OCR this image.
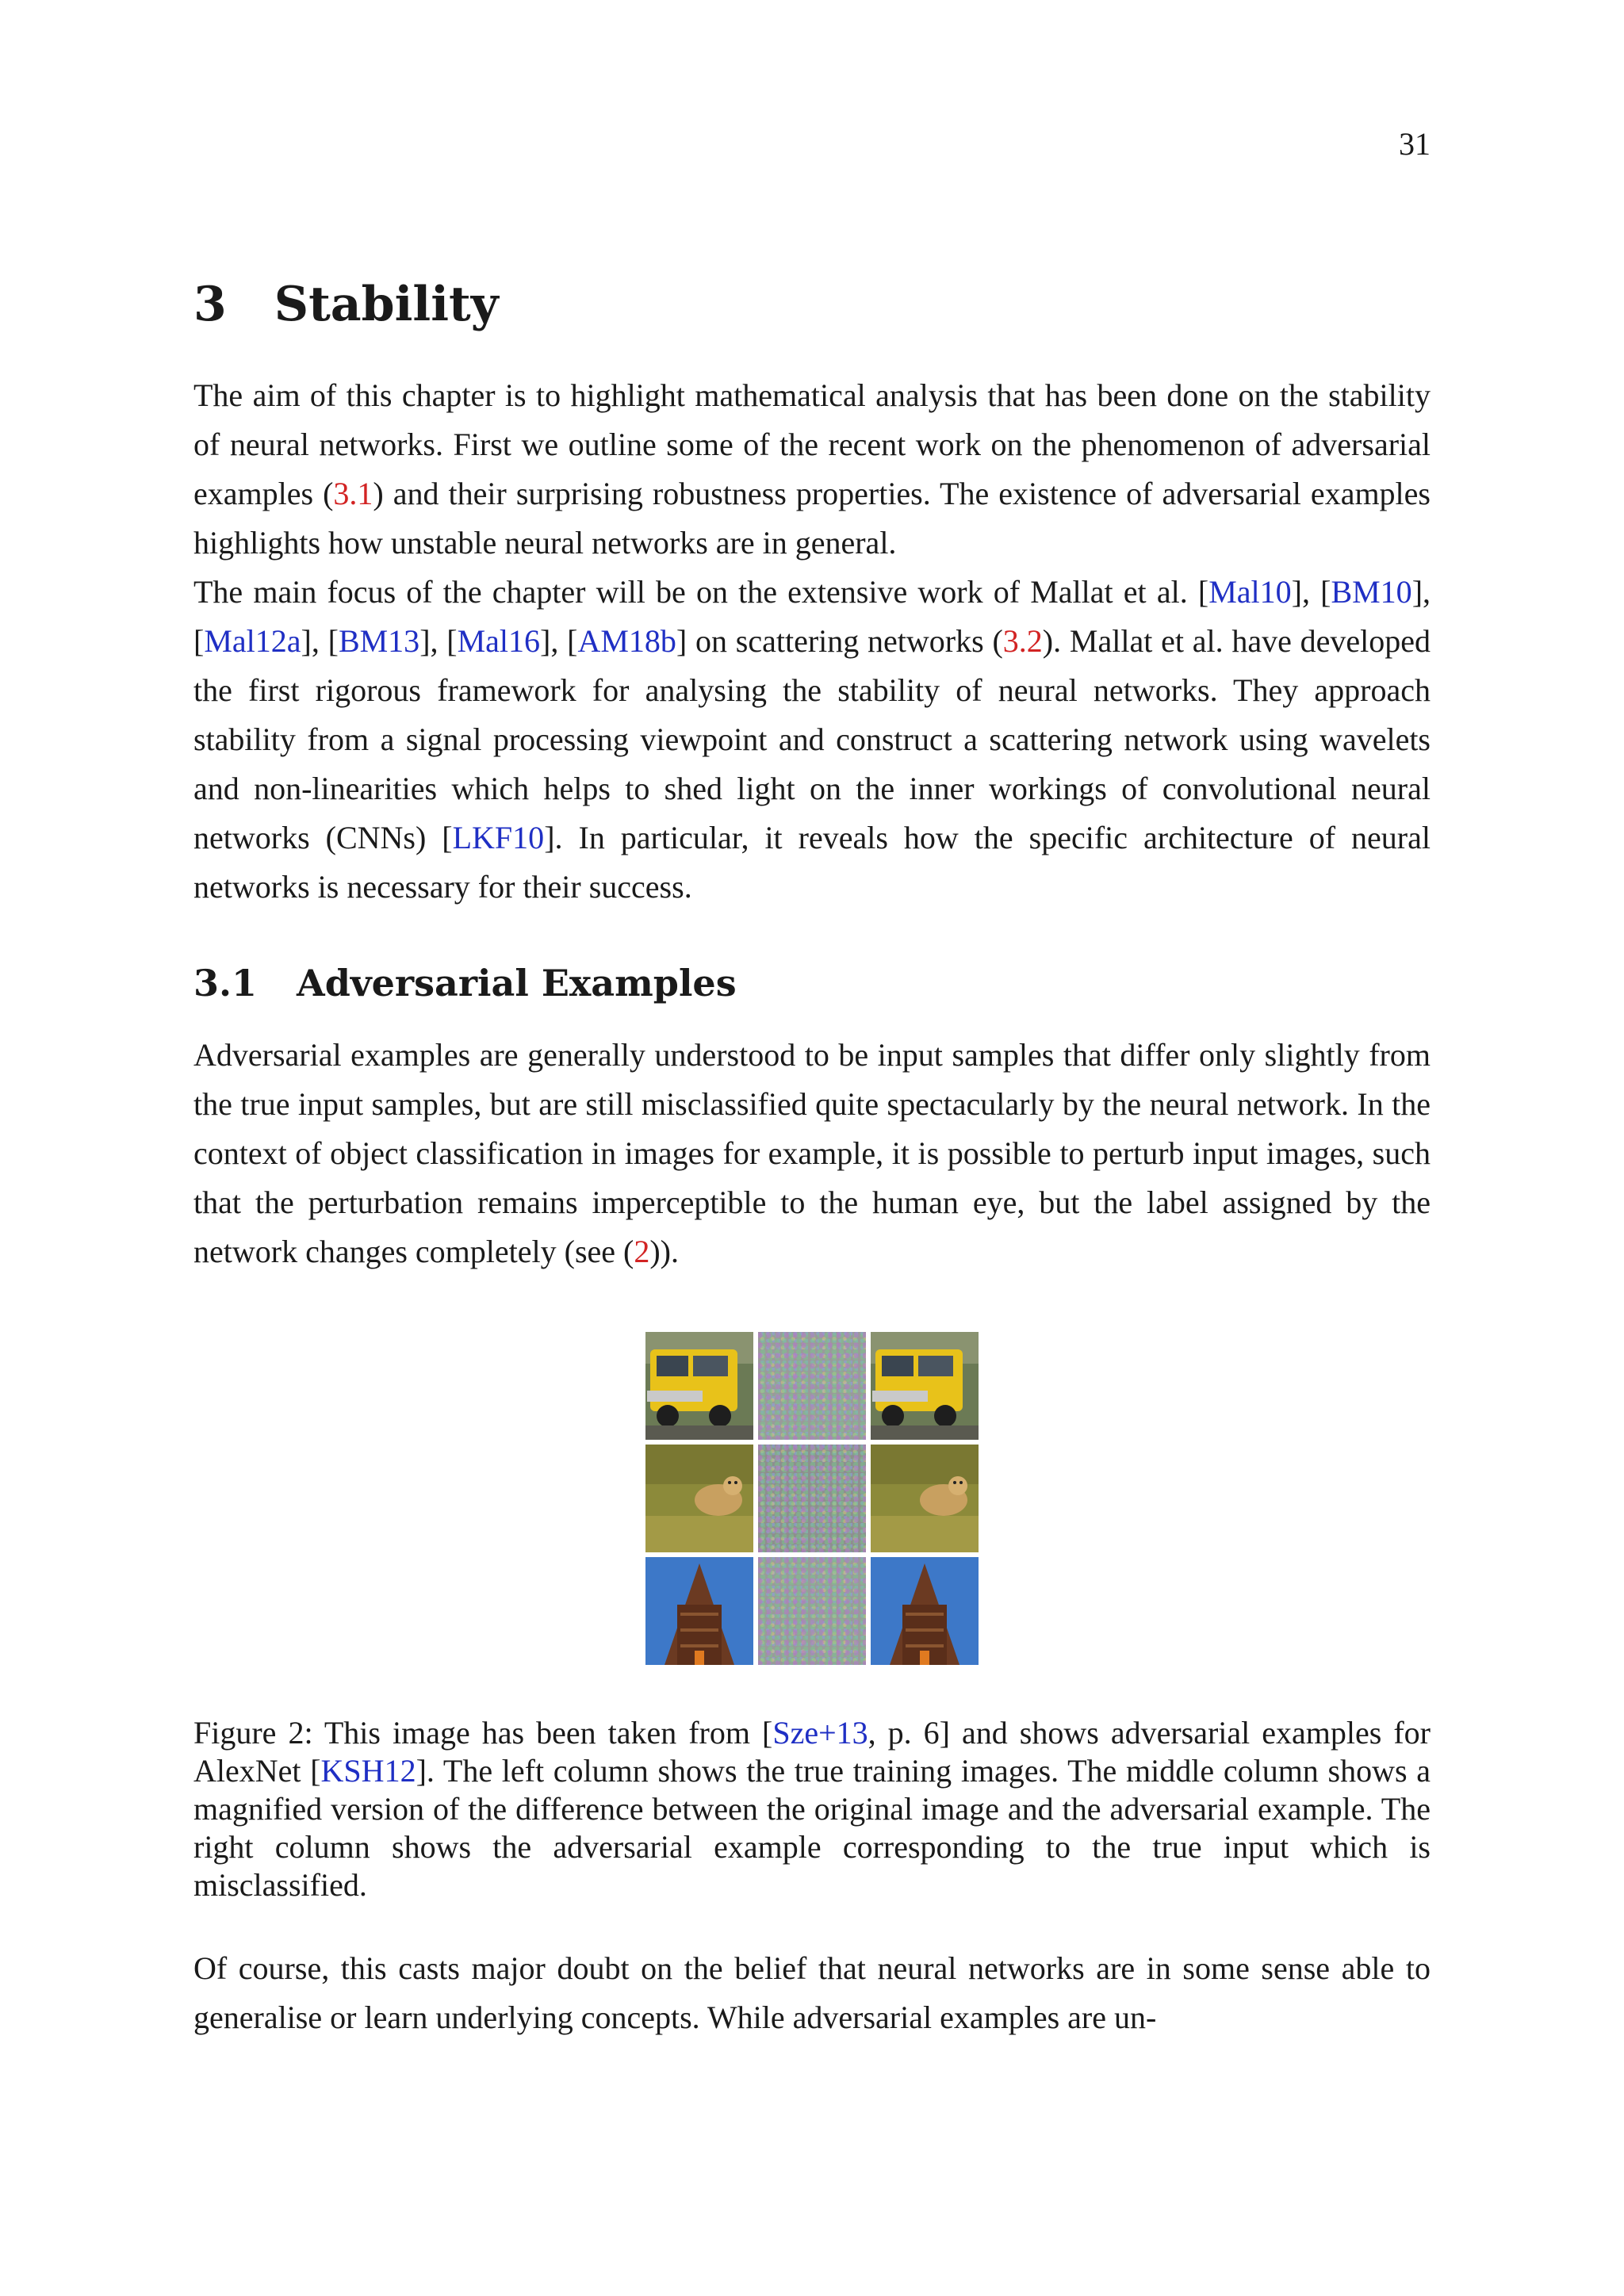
31
3 Stability

The aim of this chapter is to highlight mathematical analysis that has been done on the stability of neural networks. First we outline some of the recent work on the phenomenon of adversarial examples (3.1) and their surprising robustness properties. The existence of adversarial examples highlights how unstable neural networks are in general.

The main focus of the chapter will be on the extensive work of Mallat et al. [Mal10], [BM10], [Mal12a], [BM13], [Mal16], [AM18b] on scattering networks (3.2). Mallat et al. have developed the first rigorous framework for analysing the stability of neural networks. They approach stability from a signal processing viewpoint and construct a scattering network using wavelets and non-linearities which helps to shed light on the inner workings of convolutional neural networks (CNNs) [LKF10]. In particular, it reveals how the specific architecture of neural networks is necessary for their success.

3.1 Adversarial Examples

Adversarial examples are generally understood to be input samples that differ only slightly from the true input samples, but are still misclassified quite spectacularly by the neural network. In the context of object classification in images for example, it is possible to perturb input images, such that the perturbation remains imperceptible to the human eye, but the label assigned by the network changes completely (see (2)).

Figure 2: This image has been taken from [Sze+13, p. 6] and shows adversarial examples for AlexNet [KSH12]. The left column shows the true training images. The middle column shows a magnified version of the difference between the original image and the adversarial example. The right column shows the adversarial example corresponding to the true input which is misclassified.

Of course, this casts major doubt on the belief that neural networks are in some sense able to generalise or learn underlying concepts. While adversarial examples are un-
